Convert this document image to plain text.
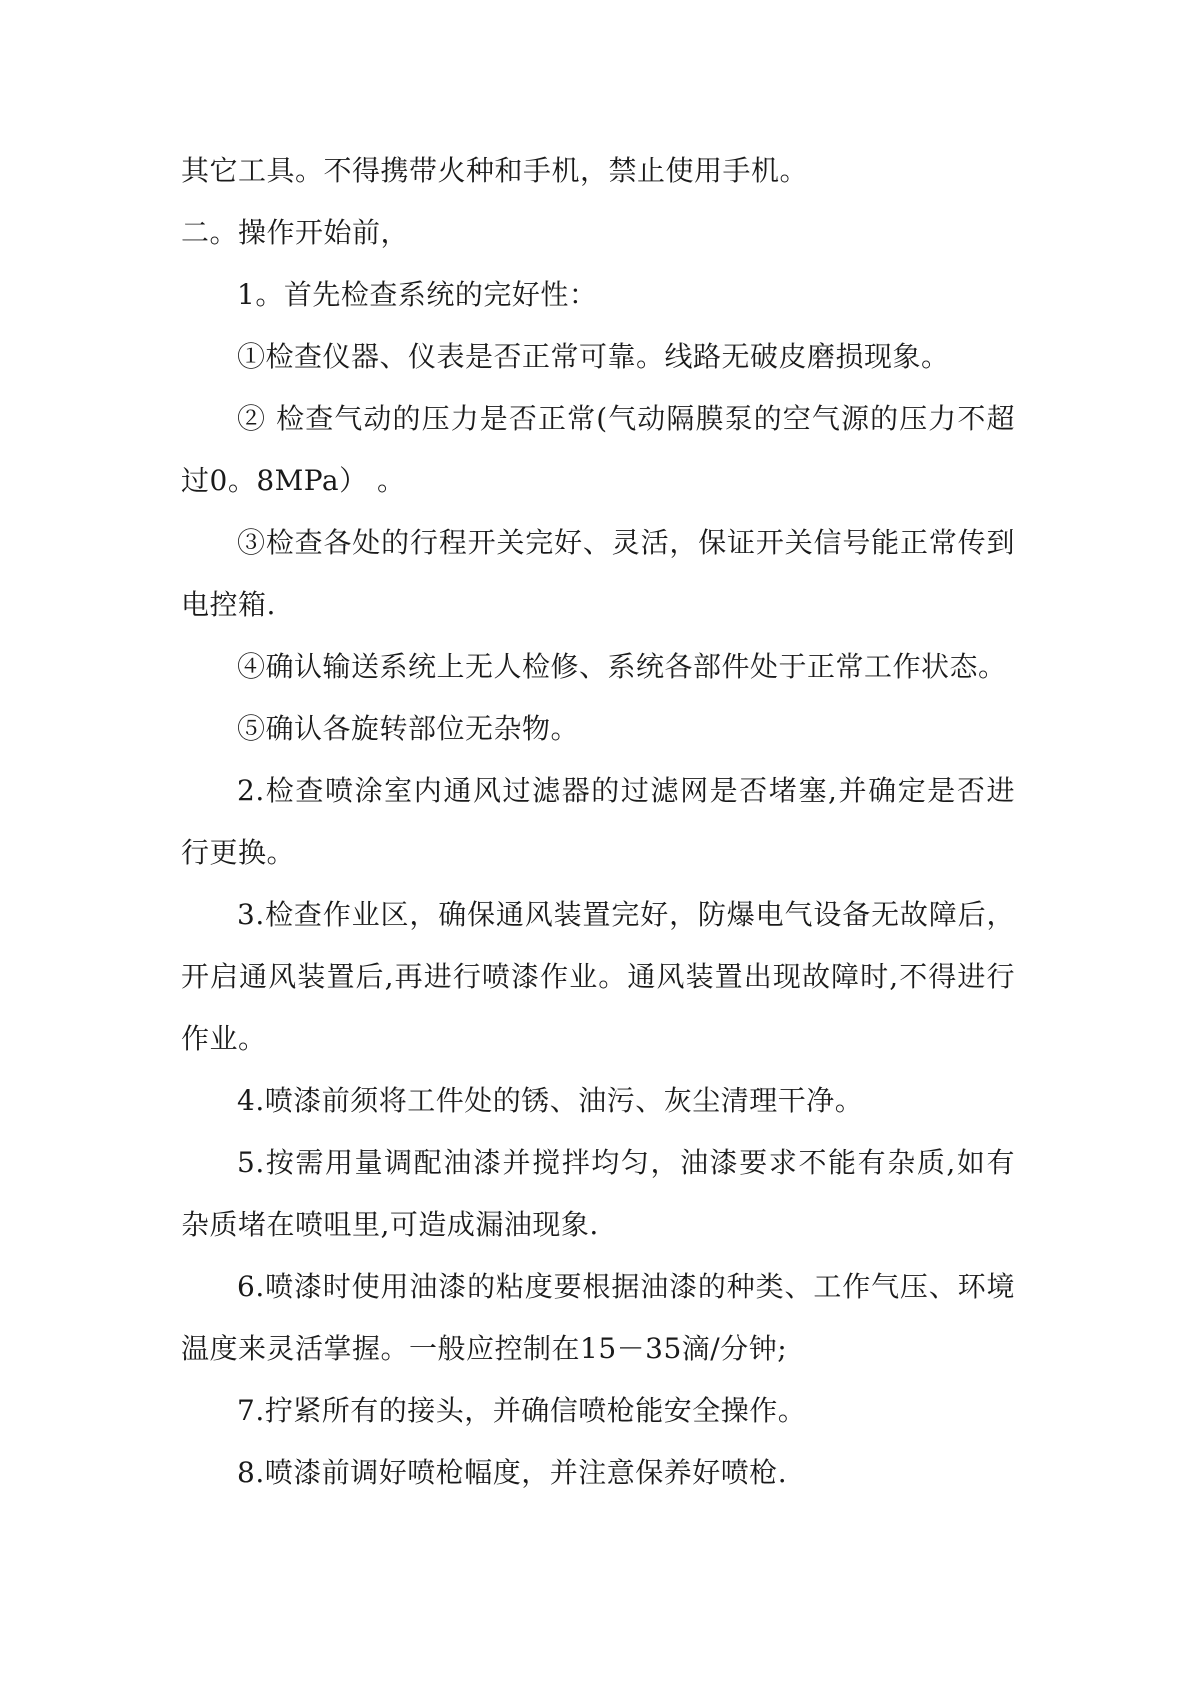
其它工具。不得携带火种和手机，禁止使用手机。

二。操作开始前，

1。首先检查系统的完好性：

①检查仪器、仪表是否正常可靠。线路无破皮磨损现象。

② 检查气动的压力是否正常(气动隔膜泵的空气源的压力不超过0。8MPa） 。

③检查各处的行程开关完好、灵活，保证开关信号能正常传到电控箱.

④确认输送系统上无人检修、系统各部件处于正常工作状态。

⑤确认各旋转部位无杂物。

2.检查喷涂室内通风过滤器的过滤网是否堵塞,并确定是否进行更换。

3.检查作业区，确保通风装置完好，防爆电气设备无故障后，开启通风装置后,再进行喷漆作业。通风装置出现故障时,不得进行作业。

4.喷漆前须将工件处的锈、油污、灰尘清理干净。

5.按需用量调配油漆并搅拌均匀，油漆要求不能有杂质,如有杂质堵在喷咀里,可造成漏油现象.

6.喷漆时使用油漆的粘度要根据油漆的种类、工作气压、环境温度来灵活掌握。一般应控制在15－35滴/分钟;

7.拧紧所有的接头，并确信喷枪能安全操作。

8.喷漆前调好喷枪幅度，并注意保养好喷枪.
